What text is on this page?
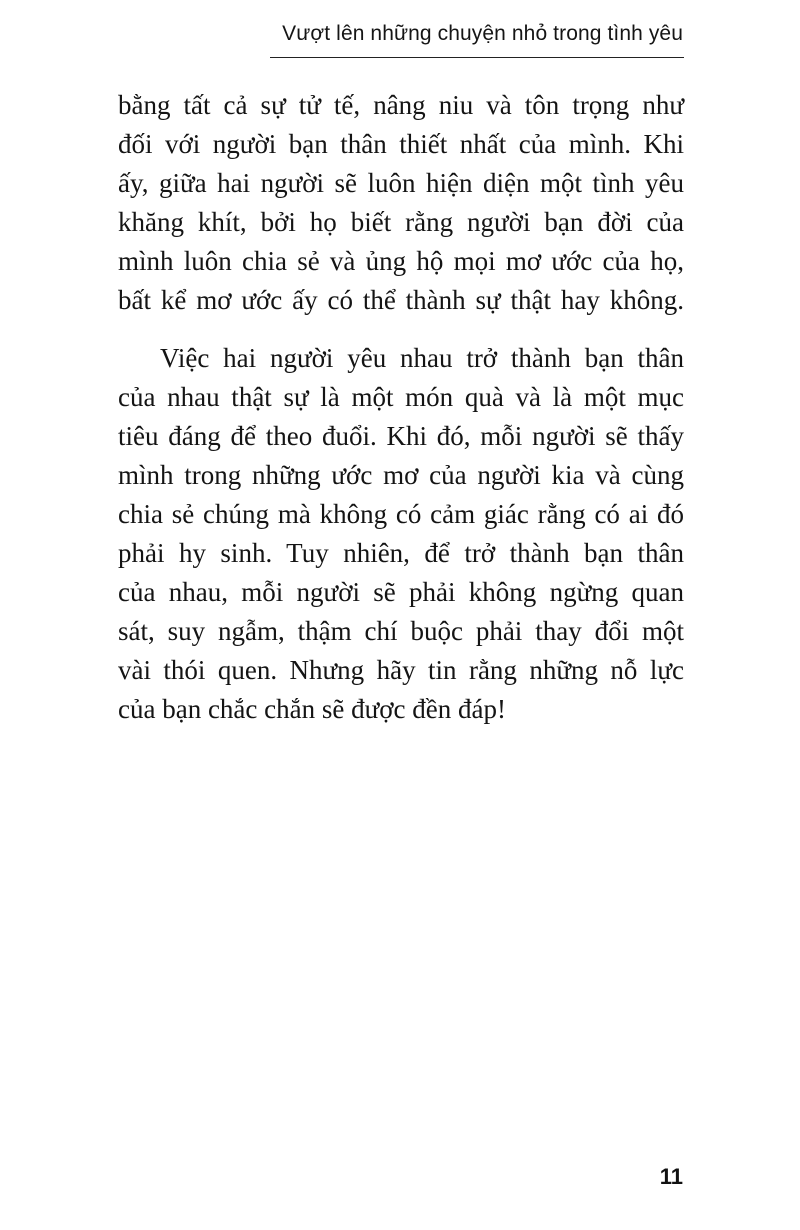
Vượt lên những chuyện nhỏ trong tình yêu
bằng tất cả sự tử tế, nâng niu và tôn trọng như
đối với người bạn thân thiết nhất của mình. Khi
ấy, giữa hai người sẽ luôn hiện diện một tình yêu
khăng khít, bởi họ biết rằng người bạn đời của
mình luôn chia sẻ và ủng hộ mọi mơ ước của họ,
bất kể mơ ước ấy có thể thành sự thật hay không.
Việc hai người yêu nhau trở thành bạn thân
của nhau thật sự là một món quà và là một mục
tiêu đáng để theo đuổi. Khi đó, mỗi người sẽ thấy
mình trong những ước mơ của người kia và cùng
chia sẻ chúng mà không có cảm giác rằng có ai đó
phải hy sinh. Tuy nhiên, để trở thành bạn thân
của nhau, mỗi người sẽ phải không ngừng quan
sát, suy ngẫm, thậm chí buộc phải thay đổi một
vài thói quen. Nhưng hãy tin rằng những nỗ lực
của bạn chắc chắn sẽ được đền đáp!
11
